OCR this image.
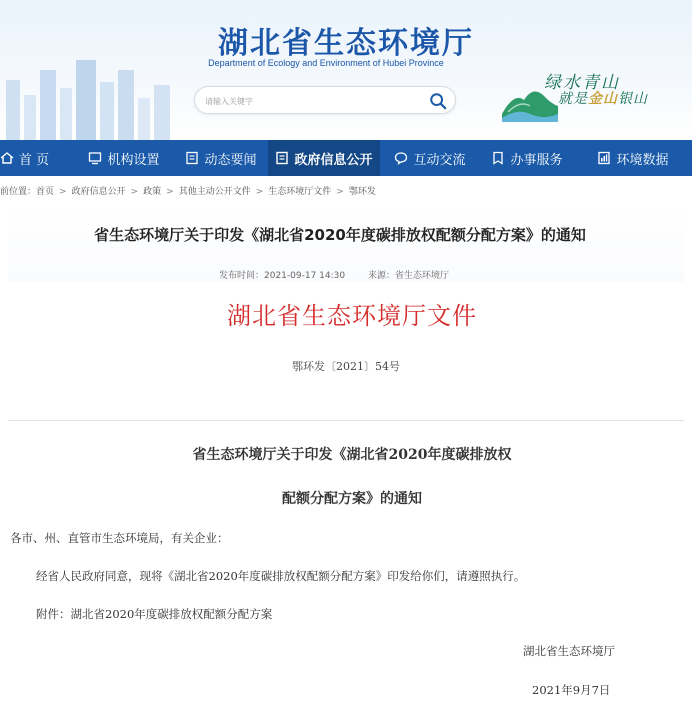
湖北省生态环境厅
Department of Ecology and Environment of Hubei Province
请输入关键字
绿水青山
就是金山银山
首 页	机构设置	动态要闻	政府信息公开	互动交流	办事服务	环境数据
前位置：首页 > 政府信息公开 > 政策 > 其他主动公开文件 > 生态环境厅文件 > 鄂环发
省生态环境厅关于印发《湖北省2020年度碳排放权配额分配方案》的通知
发布时间：2021-09-17 14:30	来源：省生态环境厅
湖北省生态环境厅文件
鄂环发〔2021〕54号
省生态环境厅关于印发《湖北省2020年度碳排放权
配额分配方案》的通知
各市、州、直管市生态环境局，有关企业：
经省人民政府同意，现将《湖北省2020年度碳排放权配额分配方案》印发给你们，请遵照执行。
附件：湖北省2020年度碳排放权配额分配方案
湖北省生态环境厅
2021年9月7日
